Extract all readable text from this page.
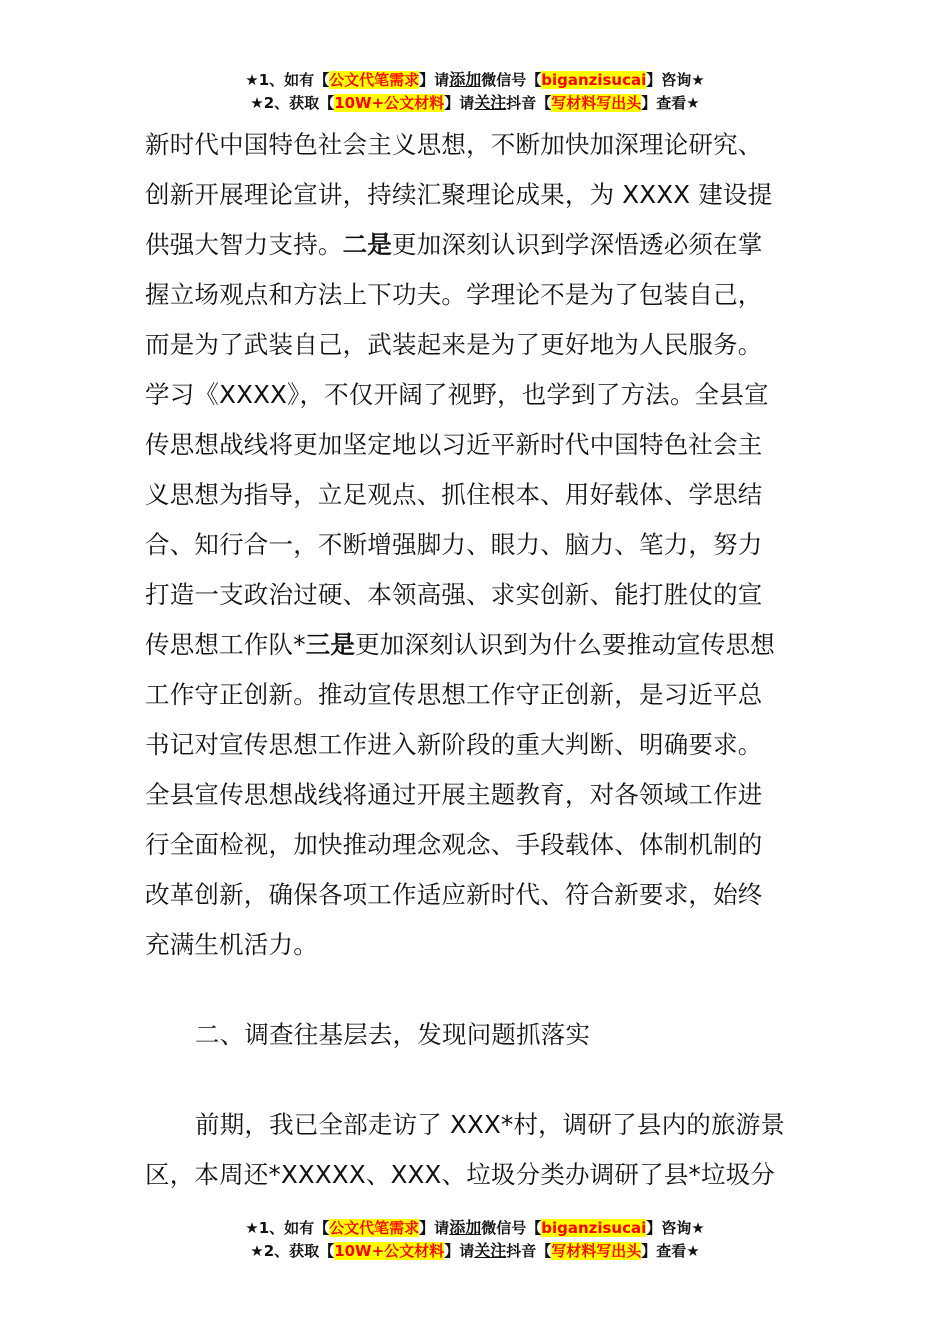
★1、如有【公文代笔需求】请添加微信号【biganzisucai】咨询★
★2、获取【10W+公文材料】请关注抖音【写材料写出头】查看★
新时代中国特色社会主义思想，不断加快加深理论研究、
创新开展理论宣讲，持续汇聚理论成果，为 XXXX 建设提
供强大智力支持。二是更加深刻认识到学深悟透必须在掌
握立场观点和方法上下功夫。学理论不是为了包装自己，
而是为了武装自己，武装起来是为了更好地为人民服务。
学习《XXXX》，不仅开阔了视野，也学到了方法。全县宣
传思想战线将更加坚定地以习近平新时代中国特色社会主
义思想为指导，立足观点、抓住根本、用好载体、学思结
合、知行合一，不断增强脚力、眼力、脑力、笔力，努力
打造一支政治过硬、本领高强、求实创新、能打胜仗的宣
传思想工作队*三是更加深刻认识到为什么要推动宣传思想
工作守正创新。推动宣传思想工作守正创新，是习近平总
书记对宣传思想工作进入新阶段的重大判断、明确要求。
全县宣传思想战线将通过开展主题教育，对各领域工作进
行全面检视，加快推动理念观念、手段载体、体制机制的
改革创新，确保各项工作适应新时代、符合新要求，始终
充满生机活力。
二、调查往基层去，发现问题抓落实
前期，我已全部走访了 XXX*村，调研了县内的旅游景
区，本周还*XXXXX、XXX、垃圾分类办调研了县*垃圾分
★1、如有【公文代笔需求】请添加微信号【biganzisucai】咨询★
★2、获取【10W+公文材料】请关注抖音【写材料写出头】查看★
